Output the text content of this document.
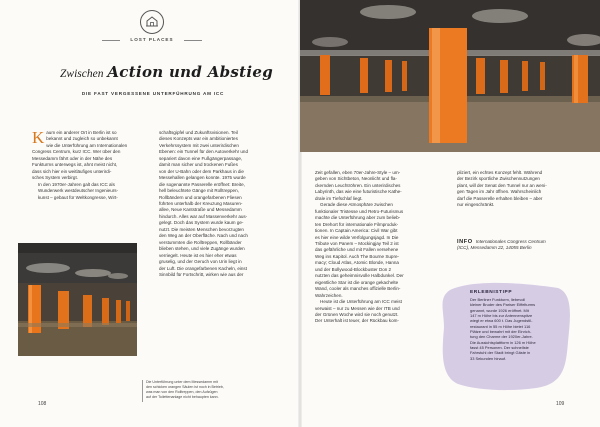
LOST PLACES
Zwischen Action und Abstieg
DIE FAST VERGESSENE UNTERFÜHRUNG AM ICC
K aum ein anderer Ort in Berlin ist so
bekannt und zugleich so unbekannt
wie die Unterführung am Internationalen
Congress Centrum, kurz ICC. Wer über den
Messedamm fährt oder in der Nähe des
Funkturms unterwegs ist, ahnt meist nicht,
dass sich hier ein weitläufiges unterirdi-
sches System verbirgt.
In den 1970er-Jahren galt das ICC als
Wunderwerk westdeutscher Ingenieurs-
kunst – gebaut für Weltkongresse, Wirt-
schaftsgipfel und Zukunftsvisionen. Teil
dieses Konzepts war ein ambitioniertes
Verkehrssystem mit zwei unterirdischen
Ebenen: ein Tunnel für den Autoverkehr und
separiert davon eine Fußgängerpassage,
damit man sicher und trockenen Fußes
von der U-Bahn oder dem Parkhaus in die
Messehallen gelangen konnte. 1975 wurde
die sogenannte Passerelle eröffnet: Breite,
hell beleuchtete Gänge mit Rolltreppen,
Rollbändern und orangefarbenen Fliesen
führten unterhalb der Kreuzung Masuren-
allee, Neue Kantstraße und Messedamm
hindurch. Alles war auf Massenverkehr aus-
gelegt. Doch das System wurde kaum ge-
nutzt. Die meisten Menschen bevorzugten
den Weg an der Oberfläche. Nach und nach
verstummten die Rolltreppen, Rollbänder
blieben stehen, und viele Zugänge wurden
verriegelt. Heute ist es hier eher etwas
gruselig, und der Geruch von Urin liegt in
der Luft. Die orangefarbenen Kacheln, einst
Sinnbild für Fortschritt, wirken wie aus der
Die Unterführung unter dem Messedamm mit
den schicken orangen Säulen ist noch in Betrieb,
was man von den Rolltreppen, den Aufzügen
auf der Toilettenanlage nicht behaupten kann.
108
Zeit gefallen, eben 70er-Jahre-Style – um-
geben von Sichtbeton, Neonlicht und fla-
ckernden Leuchtröhren. Ein unterirdisches
Labyrinth, das wie eine futuristische Kathe-
drale im Tiefschlaf liegt.
Gerade diese Atmosphäre zwischen
funktionaler Tristesse und Retro-Futurismus
machte die Unterführung aber zum belieb-
ten Drehort für internationale Filmproduk-
tionen. In Captain America: Civil War gibt
es hier eine wilde Verfolgungsjagd. In Die
Tribute von Panem – Mockingjay Teil 2 ist
das gefährliche und mit Fallen versehene
Weg ins Kapitol. Auch The Bourne Supre-
macy; Cloud Atlas, Atomic Blonde, Hanna
und der Bollywood-Blockbuster Don 2
nutzten das geheimnisvolle Halbdunkel. Der
eigentliche Star ist die orange gekachelte
Wand, cooler als manches offizielle Berlin-
Wahrzeichen.
Heute ist die Unterführung am ICC meist
verwaist – nur zu Messen wie der ITB und
der Grünen Woche wird sie noch genutzt.
Der Unterhalt ist teuer, der Rückbau kom-
pliziert, ein echtes Konzept fehlt. Während
der Bezirk sportliche Zwischennutzungen
plant, will der Senat den Tunnel nur an weni-
gen Tagen im Jahr öffnen. Wahrscheinlich
darf die Passerelle erhalten bleiben – aber
nur eingeschränkt.
INFO Internationales Congress Centrum
(ICC), Messedamm 22, 14055 Berlin
ERLEBNISTIPP
Der Berliner Funkturm, liebevoll
kleiner Bruder des Pariser Eiffelturms
genannt, wurde 1926 eröffnet. Mit
147 m Höhe bis zur Antennenspitze
wiegt er etwa 600 t. Das Jugendstil-
restaurant in 55 m Höhe bietet 116
Plätze und bewahrt mit der Einrich-
tung den Charme der 1920er-Jahre.
Die Aussichtsplattform in 126 m Höhe
fasst 45 Personen. Der schnellste
Fahrstuhl der Stadt bringt Gäste in
33 Sekunden hinauf.
109
